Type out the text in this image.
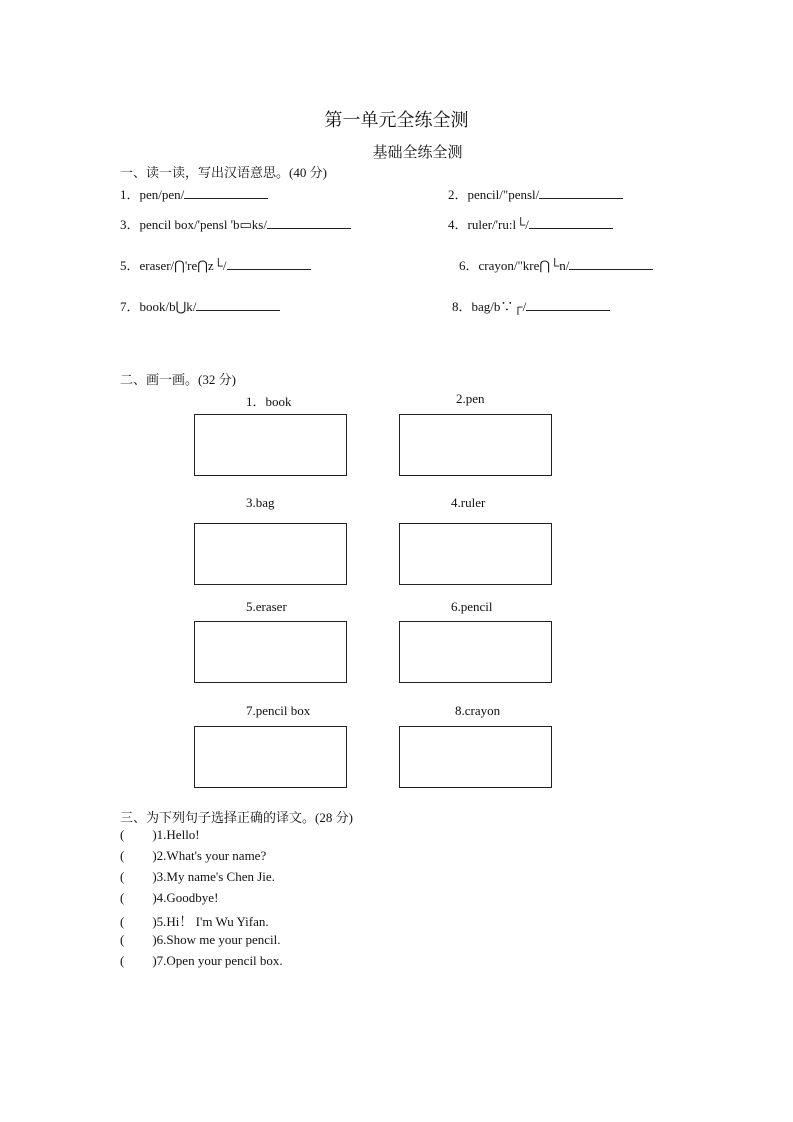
第一单元全练全测
基础全练全测
一、读一读，写出汉语意思。(40 分)
1．pen/pen/	2．pencil/"pensl/
3．pencil box/'pensl 'b▭ks/	4．ruler/'ru:l└/
5．eraser/⋂'re⋂z└/	6．crayon/"kre⋂└n/
7．book/b⋃k/	8．bag/b∵┌/
二、画一画。(32 分)
1．book	2.pen
3.bag	4.ruler
5.eraser	6.pencil
7.pencil box	8.crayon
三、为下列句子选择正确的译文。(28 分)
( )1.Hello!
( )2.What's your name?
( )3.My name's Chen Jie.
( )4.Goodbye!
( )5.Hi！ I'm Wu Yifan.
( )6.Show me your pencil.
( )7.Open your pencil box.
